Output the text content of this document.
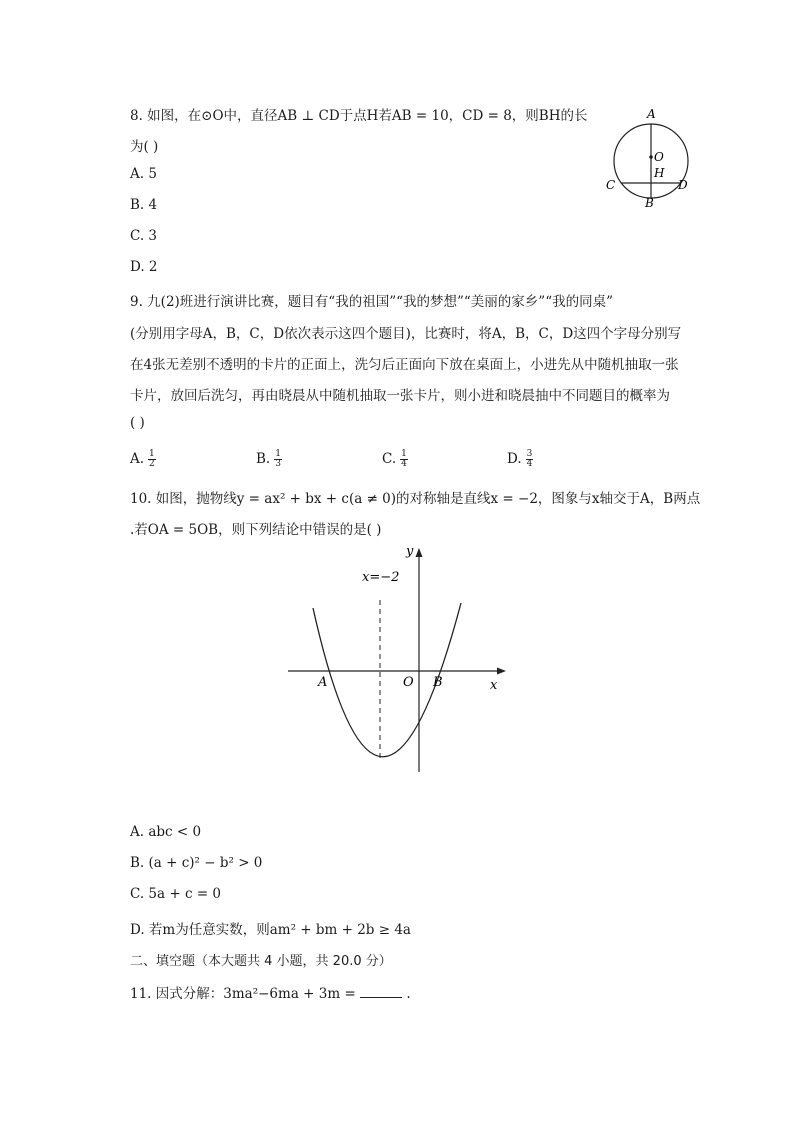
8. 如图，在⊙O中，直径AB ⊥ CD于点H若AB = 10，CD = 8，则BH的长
为( )
A. 5
B. 4
C. 3
D. 2
A
O
H
C	D
B
9. 九(2)班进行演讲比赛，题目有“我的祖国”“我的梦想”“美丽的家乡”“我的同桌”
(分别用字母A，B，C，D依次表示这四个题目)，比赛时，将A，B，C，D这四个字母分别写
在4张无差别不透明的卡片的正面上，洗匀后正面向下放在桌面上，小进先从中随机抽取一张
卡片，放回后洗匀，再由晓晨从中随机抽取一张卡片，则小进和晓晨抽中不同题目的概率为
( )
A. $\frac{1}{2}$	B. $\frac{1}{3}$	C. $\frac{1}{4}$	D. $\frac{3}{4}$
10. 如图，抛物线y = ax² + bx + c(a ≠ 0)的对称轴是直线x = −2，图象与x轴交于A，B两点
.若OA = 5OB，则下列结论中错误的是( )
x=−2
y
x
A	O B
A. abc < 0
B. (a + c)² − b² > 0
C. 5a + c = 0
D. 若m为任意实数，则am² + bm + 2b ≥ 4a
二、填空题（本大题共 4 小题，共 20.0 分）
11. 因式分解：3ma²−6ma + 3m =	.
